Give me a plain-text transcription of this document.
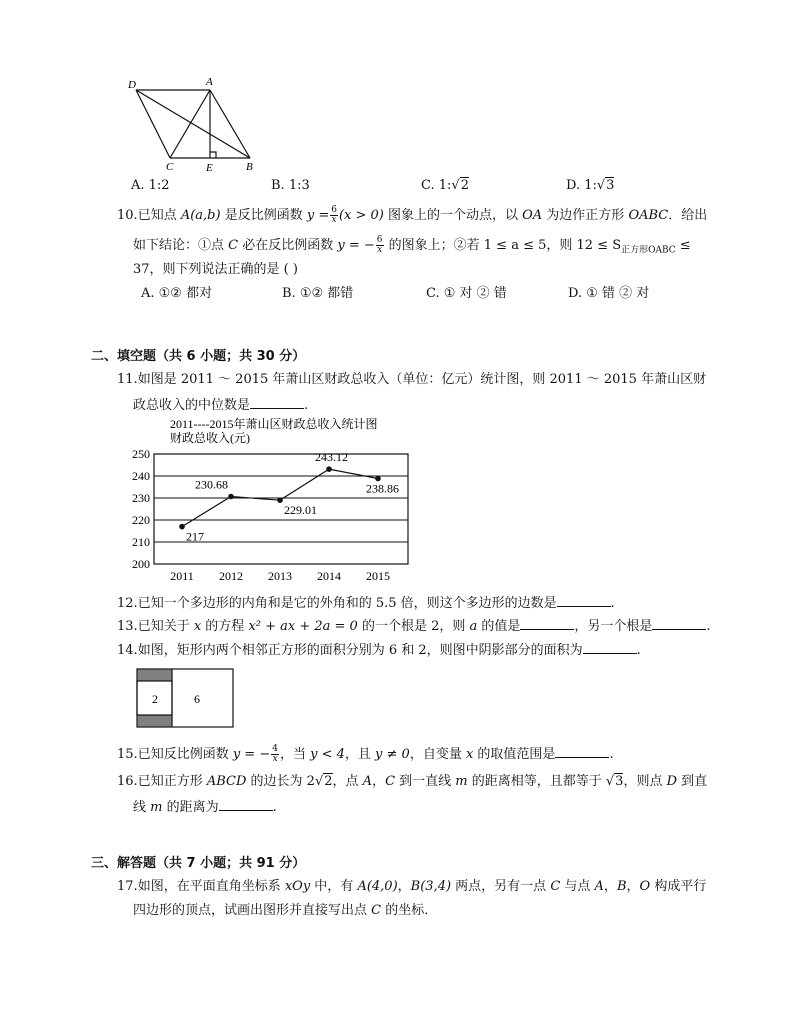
D	A
C	E	B
A. 1:2	B. 1:3	C. 1:√2	D. 1:√3
10.已知点 A(a,b) 是反比例函数 $y = \frac{6}{x} (x > 0)$ 图象上的一个动点，以 OA 为边作正方形 OABC．给出
如下结论：①点 C 必在反比例函数 y = − $\frac{6}{x}$ 的图象上；②若 1 ≤ a ≤ 5，则 $12 \le S_{正方形OABC}$ ≤
37，则下列说法正确的是 ( )
A. ①② 都对	B. ①② 都错	C. ① 对 ② 错	D. ① 错 ② 对
二、填空题（共 6 小题；共 30 分）
11.如图是 2011 ～ 2015 年萧山区财政总收入（单位：亿元）统计图，则 2011 ～ 2015 年萧山区财
政总收入的中位数是	.
2011----2015年萧山区财政总收入统计图
财政总收入(元)
200
210
220
230
240
250
2011 2012 2013 2014 2015
217
230.68
229.01
243.12
238.86
12.已知一个多边形的内角和是它的外角和的 5.5 倍，则这个多边形的边数是	.
13.已知关于 x 的方程 x² + ax + 2a = 0 的一个根是 2，则 a 的值是	，另一个根是	.
14.如图，矩形内两个相邻正方形的面积分别为 6 和 2，则图中阴影部分的面积为	.
2	6
15.已知反比例函数 y = − $\frac{4}{x}$ ，当 y < 4，且 y ≠ 0，自变量 x 的取值范围是	.
16.已知正方形 ABCD 的边长为 2√2，点 A，C 到一直线 m 的距离相等，且都等于 √3，则点 D 到直
线 m 的距离为	.
三、解答题（共 7 小题；共 91 分）
17.如图，在平面直角坐标系 xOy 中，有 A(4,0)，B(3,4) 两点，另有一点 C 与点 A，B，O 构成平行
四边形的顶点，试画出图形并直接写出点 C 的坐标．
